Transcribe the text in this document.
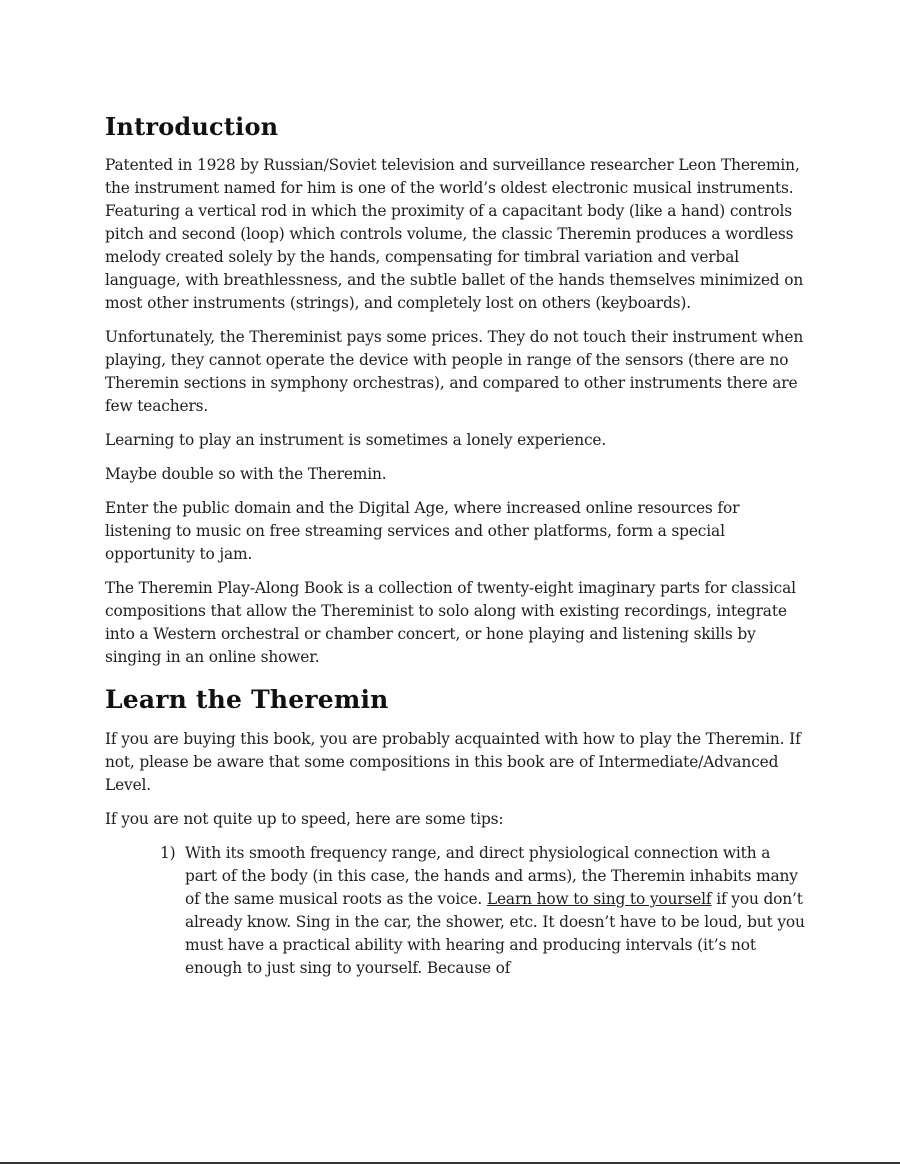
Introduction

Patented in 1928 by Russian/Soviet television and surveillance researcher Leon Theremin, the instrument named for him is one of the world’s oldest electronic musical instruments. Featuring a vertical rod in which the proximity of a capacitant body (like a hand) controls pitch and second (loop) which controls volume, the classic Theremin produces a wordless melody created solely by the hands, compensating for timbral variation and verbal language, with breathlessness, and the subtle ballet of the hands themselves minimized on most other instruments (strings), and completely lost on others (keyboards).

Unfortunately, the Thereminist pays some prices. They do not touch their instrument when playing, they cannot operate the device with people in range of the sensors (there are no Theremin sections in symphony orchestras), and compared to other instruments there are few teachers.

Learning to play an instrument is sometimes a lonely experience.

Maybe double so with the Theremin.

Enter the public domain and the Digital Age, where increased online resources for listening to music on free streaming services and other platforms, form a special opportunity to jam.

The Theremin Play-Along Book is a collection of twenty-eight imaginary parts for classical compositions that allow the Thereminist to solo along with existing recordings, integrate into a Western orchestral or chamber concert, or hone playing and listening skills by singing in an online shower.

Learn the Theremin

If you are buying this book, you are probably acquainted with how to play the Theremin. If not, please be aware that some compositions in this book are of Intermediate/Advanced Level.

If you are not quite up to speed, here are some tips:

1) With its smooth frequency range, and direct physiological connection with a part of the body (in this case, the hands and arms), the Theremin inhabits many of the same musical roots as the voice. Learn how to sing to yourself if you don’t already know. Sing in the car, the shower, etc. It doesn’t have to be loud, but you must have a practical ability with hearing and producing intervals (it’s not enough to just sing to yourself. Because of
